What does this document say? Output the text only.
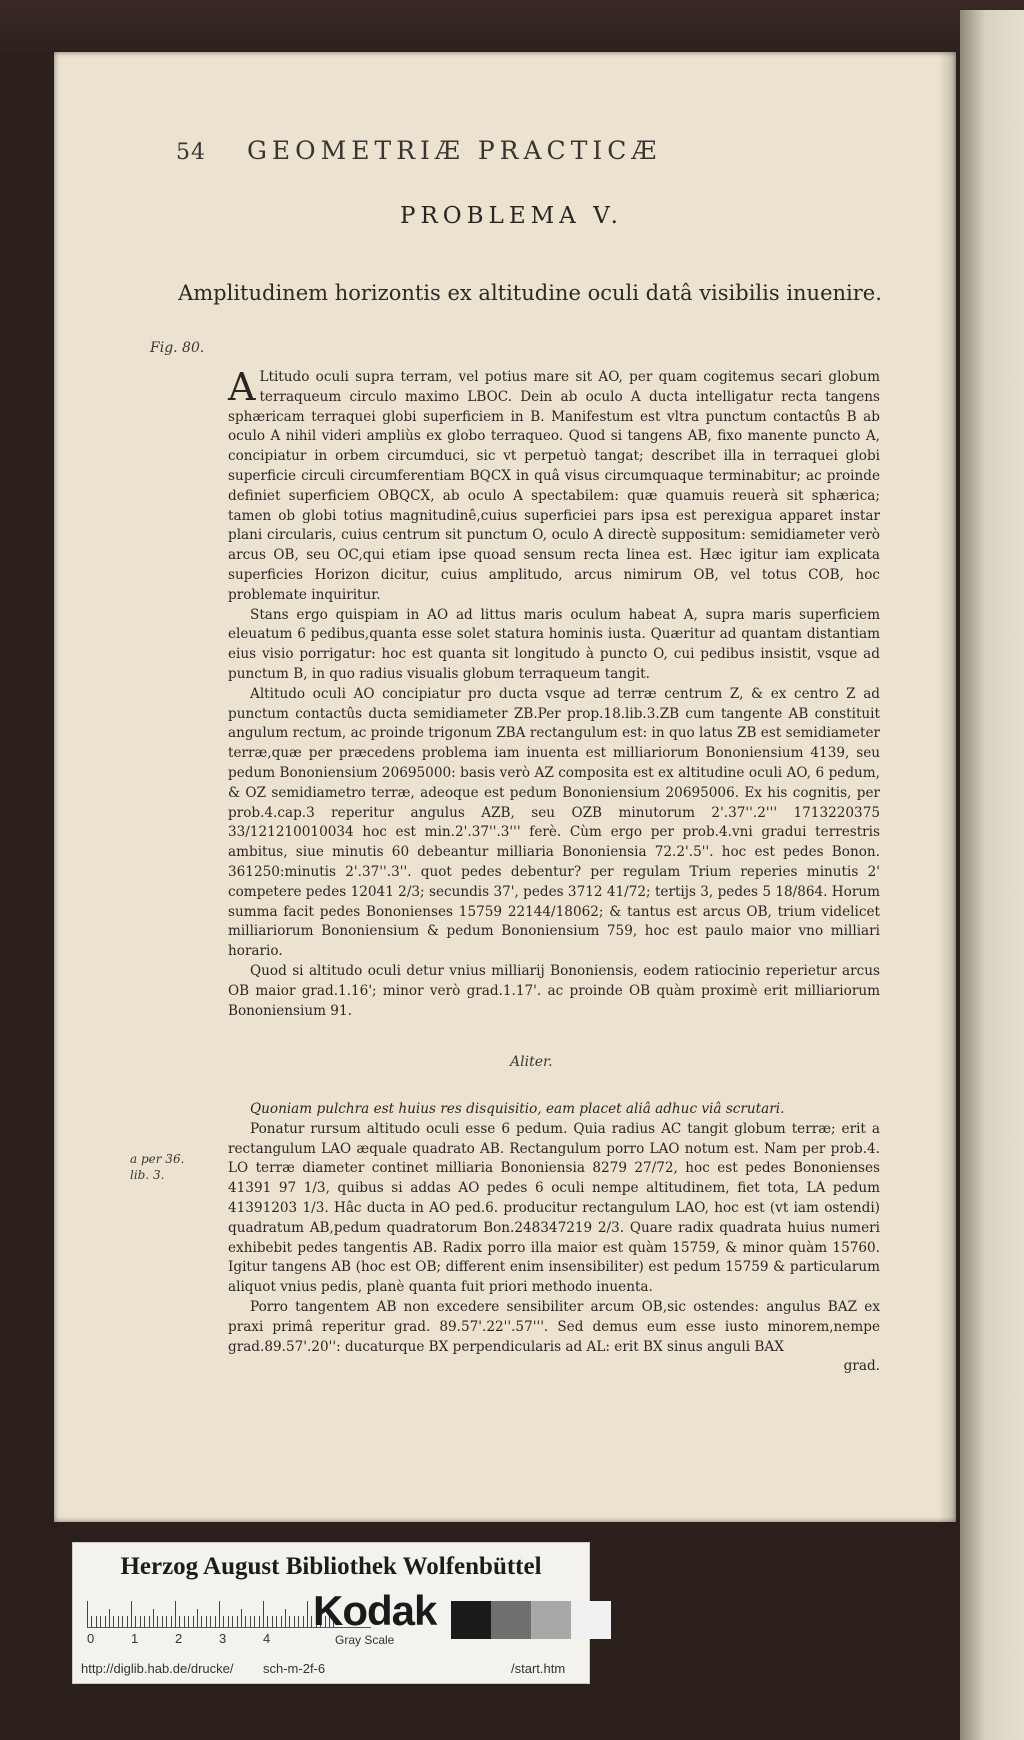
54 GEOMETRIÆ PRACTICÆ
PROBLEMA V.
Amplitudinem horizontis ex altitudine oculi datâ visibilis inuenire.
Fig. 80.
a per 36.
lib. 3.

A Ltitudo oculi supra terram, vel potius mare sit AO, per quam cogitemus secari globum terraqueum circulo maximo LBOC. Dein ab oculo A ducta intelligatur recta tangens sphæricam terraquei globi superficiem in B. Manifestum est vltra punctum contactûs B ab oculo A nihil videri ampliùs ex globo terraqueo. Quod si tangens AB, fixo manente puncto A, concipiatur in orbem circumduci, sic vt perpetuò tangat; describet illa in terraquei globi superficie circuli circumferentiam BQCX in quâ visus circumquaque terminabitur; ac proinde definiet superficiem OBQCX, ab oculo A spectabilem: quæ quamuis reuerà sit sphærica; tamen ob globi totius magnitudinê,cuius superficiei pars ipsa est perexigua apparet instar plani circularis, cuius centrum sit punctum O, oculo A directè suppositum: semidiameter verò arcus OB, seu OC,qui etiam ipse quoad sensum recta linea est. Hæc igitur iam explicata superficies Horizon dicitur, cuius amplitudo, arcus nimirum OB, vel totus COB, hoc problemate inquiritur.

Stans ergo quispiam in AO ad littus maris oculum habeat A, supra maris superficiem eleuatum 6 pedibus,quanta esse solet statura hominis iusta. Quæritur ad quantam distantiam eius visio porrigatur: hoc est quanta sit longitudo à puncto O, cui pedibus insistit, vsque ad punctum B, in quo radius visualis globum terraqueum tangit.

Altitudo oculi AO concipiatur pro ducta vsque ad terræ centrum Z, & ex centro Z ad punctum contactûs ducta semidiameter ZB.Per prop.18.lib.3.ZB cum tangente AB constituit angulum rectum, ac proinde trigonum ZBA rectangulum est: in quo latus ZB est semidiameter terræ,quæ per præcedens problema iam inuenta est milliariorum Bononiensium 4139, seu pedum Bononiensium 20695000: basis verò AZ composita est ex altitudine oculi AO, 6 pedum, & OZ semidiametro terræ, adeoque est pedum Bononiensium 20695006. Ex his cognitis, per prob.4.cap.3 reperitur angulus AZB, seu OZB minutorum 2'.37''.2''' 1713220375 33/121210010034 hoc est min.2'.37''.3''' ferè. Cùm ergo per prob.4.vni gradui terrestris ambitus, siue minutis 60 debeantur milliaria Bononiensia 72.2'.5''. hoc est pedes Bonon. 361250:minutis 2'.37''.3''. quot pedes debentur? per regulam Trium reperies minutis 2' competere pedes 12041 2/3; secundis 37', pedes 3712 41/72; tertijs 3, pedes 5 18/864. Horum summa facit pedes Bononienses 15759 22144/18062; & tantus est arcus OB, trium videlicet milliariorum Bononiensium & pedum Bononiensium 759, hoc est paulo maior vno milliari horario.

Quod si altitudo oculi detur vnius milliarij Bononiensis, eodem ratiocinio reperietur arcus OB maior grad.1.16'; minor verò grad.1.17'. ac proinde OB quàm proximè erit milliariorum Bononiensium 91.

Aliter.

Quoniam pulchra est huius res disquisitio, eam placet aliâ adhuc viâ scrutari.

Ponatur rursum altitudo oculi esse 6 pedum. Quia radius AC tangit globum terræ; erit a rectangulum LAO æquale quadrato AB. Rectangulum porro LAO notum est. Nam per prob.4. LO terræ diameter continet milliaria Bononiensia 8279 27/72, hoc est pedes Bononienses 41391 97 1/3, quibus si addas AO pedes 6 oculi nempe altitudinem, fiet tota, LA pedum 41391203 1/3. Hâc ducta in AO ped.6. producitur rectangulum LAO, hoc est (vt iam ostendi) quadratum AB,pedum quadratorum Bon.248347219 2/3. Quare radix quadrata huius numeri exhibebit pedes tangentis AB. Radix porro illa maior est quàm 15759, & minor quàm 15760. Igitur tangens AB (hoc est OB; different enim insensibiliter) est pedum 15759 & particularum aliquot vnius pedis, planè quanta fuit priori methodo inuenta.

Porro tangentem AB non excedere sensibiliter arcum OB,sic ostendes: angulus BAZ ex praxi primâ reperitur grad. 89.57'.22''.57'''. Sed demus eum esse iusto minorem,nempe grad.89.57'.20'': ducaturque BX perpendicularis ad AL: erit BX sinus anguli BAX

grad.

Herzog August Bibliothek Wolfenbüttel
0	1	2	3	4
Kodak
Gray Scale
http://diglib.hab.de/drucke/ sch-m-2f-6	/start.htm
